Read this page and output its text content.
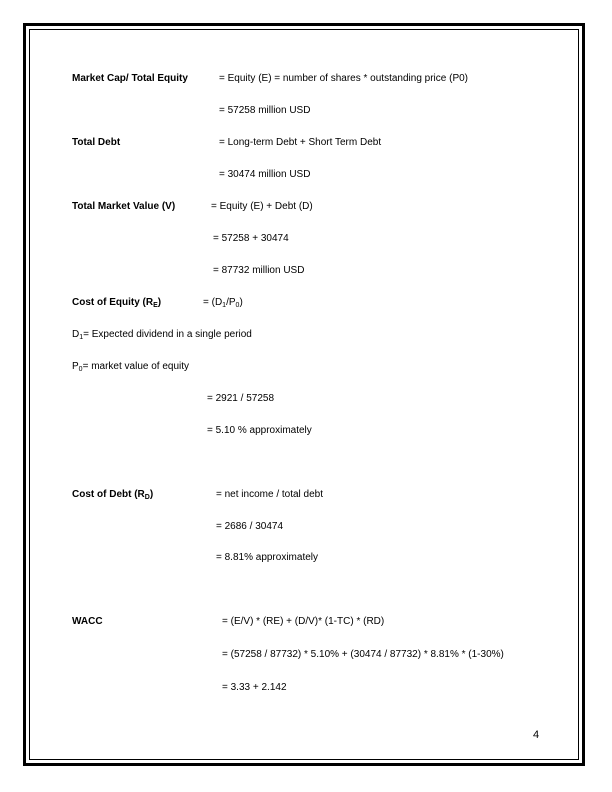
Market Cap/ Total Equity	= Equity (E) = number of shares * outstanding price (P0)
= 57258 million USD
Total Debt	= Long-term Debt + Short Term Debt
= 30474 million USD
Total Market Value (V)	= Equity (E) + Debt (D)
= 57258 + 30474
= 87732 million USD
Cost of Equity $(R_E)$	= $(D_1/P_0)$
$D_1=$ Expected dividend in a single period
$P_0=$ market value of equity
= 2921 / 57258
= 5.10 % approximately
Cost of Debt $(R_D)$	= net income / total debt
= 2686 / 30474
= 8.81% approximately
WACC	= (E/V) * (RE) + (D/V)* (1-TC) * (RD)
= (57258 / 87732) * 5.10% + (30474 / 87732) * 8.81% * (1-30%)
= 3.33 + 2.142
4
